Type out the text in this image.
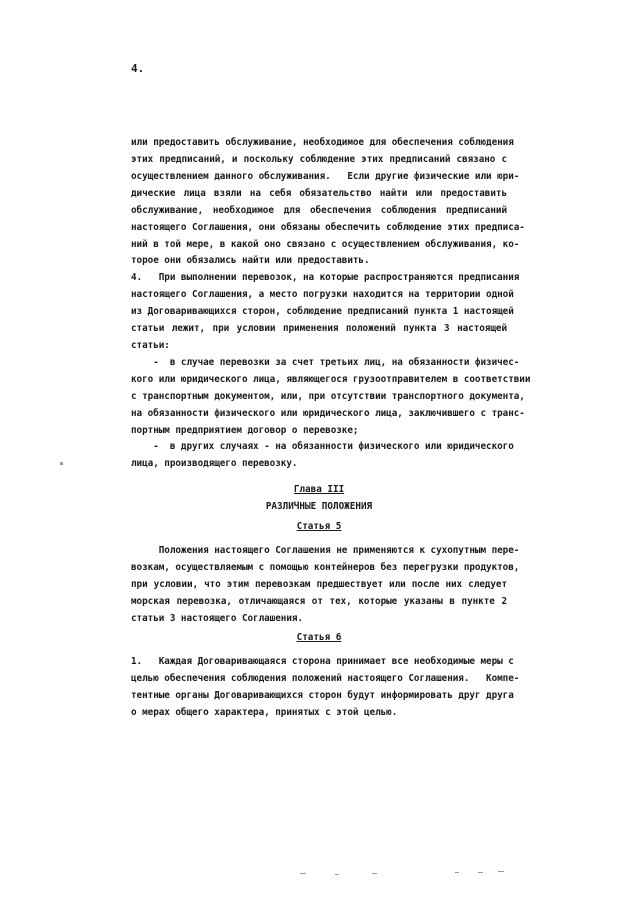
4.
или предоставить обслуживание, необходимое для обеспечения соблюдения
этих предписаний, и поскольку соблюдение этих предписаний связано с
осуществлением данного обслуживания.   Если другие физические или юри-
дические лица взяли на себя обязательство найти или предоставить
обслуживание, необходимое для обеспечения соблюдения предписаний
настоящего Соглашения, они обязаны обеспечить соблюдение этих предписа-
ний в той мере, в какой оно связано с осуществлением обслуживания, ко-
торое они обязались найти или предоставить.
4.   При выполнении перевозок, на которые распространяются предписания
настоящего Соглашения, а место погрузки находится на территории одной
из Договаривающихся сторон, соблюдение предписаний пункта 1 настоящей
статьи лежит, при условии применения положений пункта 3 настоящей
статьи:
-  в случае перевозки за счет третьих лиц, на обязанности физичес-
кого или юридического лица, являющегося грузоотправителем в соответствии
с транспортным документом, или, при отсутствии транспортного документа,
на обязанности физического или юридического лица, заключившего с транс-
портным предприятием договор о перевозке;
-  в других случаях - на обязанности физического или юридического
лица, производящего перевозку.
Глава III
РАЗЛИЧНЫЕ ПОЛОЖЕНИЯ
Статья 5
Положения настоящего Соглашения не применяются к сухопутным пере-
возкам, осуществляемым с помощью контейнеров без перегрузки продуктов,
при условии, что этим перевозкам предшествует или после них следует
морская перевозка, отличающаяся от тех, которые указаны в пункте 2
статьи 3 настоящего Соглашения.
Статья 6
1.   Каждая Договаривающаяся сторона принимает все необходимые меры с
целью обеспечения соблюдения положений настоящего Соглашения.   Компе-
тентные органы Договаривающихся сторон будут информировать друг друга
о мерах общего характера, принятых с этой целью.
